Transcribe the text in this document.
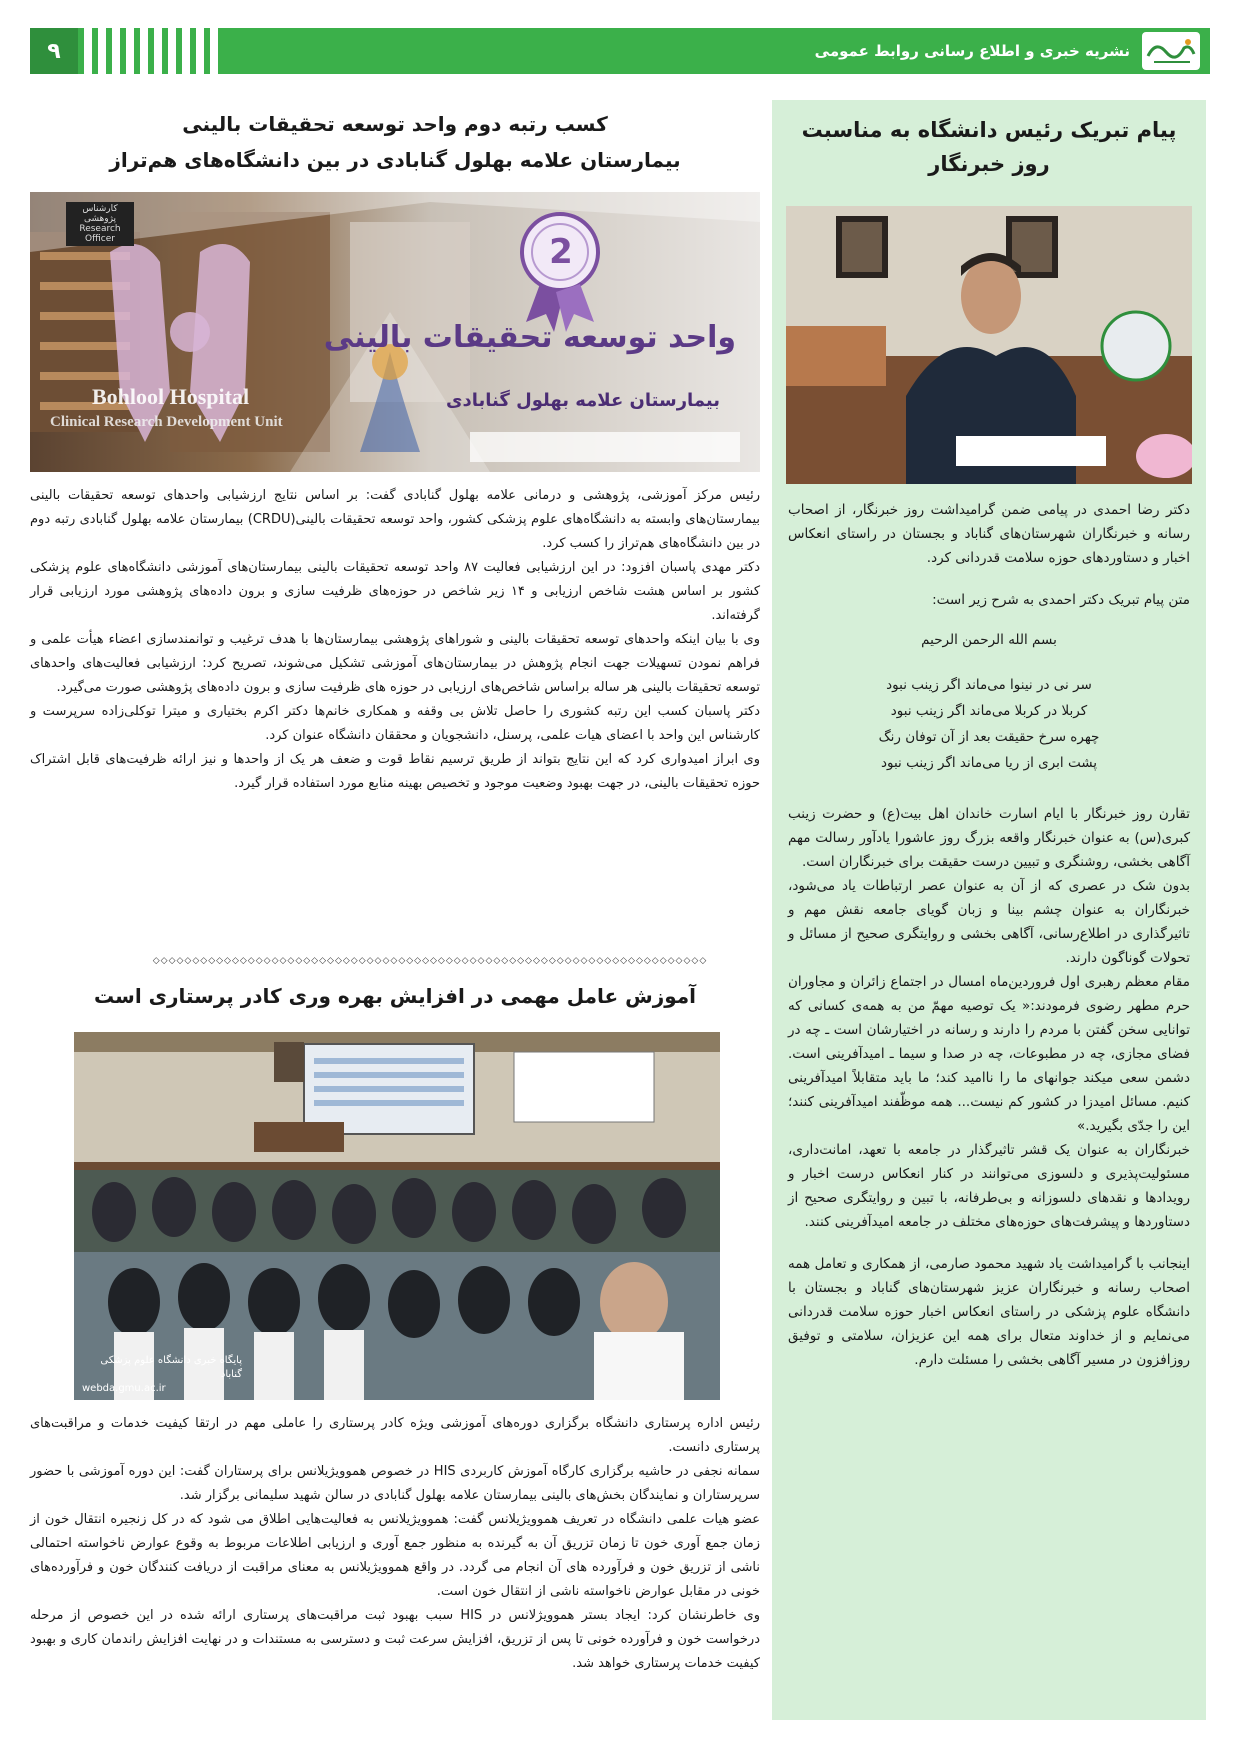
۹	نشریه خبری و اطلاع رسانی روابط عمومی
کسب رتبه دوم واحد توسعه تحقیقات بالینی
بیمارستان علامه بهلول گنابادی در بین دانشگاه‌های هم‌تراز
2
واحد توسعه تحقیقات بالینی
بیمارستان علامه بهلول گنابادی
Bohlool Hospital
Clinical Research Development Unit
کارشناس پژوهشی
Research Officer

رئیس مرکز آموزشی، پژوهشی و درمانی علامه بهلول گنابادی گفت: بر اساس نتایج ارزشیابی واحدهای توسعه تحقیقات بالینی بیمارستان‌های وابسته به دانشگاه‌های علوم پزشکی کشور، واحد توسعه تحقیقات بالینی(CRDU) بیمارستان علامه بهلول گنابادی رتبه دوم در بین دانشگاه‌های هم‌تراز را کسب کرد.

دکتر مهدی پاسبان افزود: در این ارزشیابی فعالیت ۸۷ واحد توسعه تحقیقات بالینی بیمارستان‌های آموزشی دانشگاه‌های علوم پزشکی کشور بر اساس هشت شاخص ارزیابی و ۱۴ زیر شاخص در حوزه‌های ظرفیت سازی و برون داده‌های پژوهشی مورد ارزیابی قرار گرفته‌اند.

وی با بیان اینکه واحدهای توسعه تحقیقات بالینی و شوراهای پژوهشی بیمارستان‌ها با هدف ترغیب و توانمندسازی اعضاء هیأت علمی و فراهم نمودن تسهیلات جهت انجام پژوهش در بیمارستان‌های آموزشی تشکیل می‌شوند، تصریح کرد: ارزشیابی فعالیت‌های واحدهای توسعه تحقیقات بالینی هر ساله براساس شاخص‌های ارزیابی در حوزه های ظرفیت سازی و برون داده‌های پژوهشی صورت می‌گیرد.

دکتر پاسبان کسب این رتبه کشوری را حاصل تلاش بی وقفه و همکاری خانم‌ها دکتر اکرم بختیاری و میترا توکلی‌زاده سرپرست و کارشناس این واحد با اعضای هیات علمی، پرسنل، دانشجویان و محققان دانشگاه عنوان کرد.

وی ابراز امیدواری کرد که این نتایج بتواند از طریق ترسیم نقاط قوت و ضعف هر یک از واحدها و نیز ارائه ظرفیت‌های قابل اشتراک حوزه تحقیقات بالینی، در جهت بهبود وضعیت موجود و تخصیص بهینه منابع مورد استفاده قرار گیرد.

◇◇◇◇◇◇◇◇◇◇◇◇◇◇◇◇◇◇◇◇◇◇◇◇◇◇◇◇◇◇◇◇◇◇◇◇◇◇◇◇◇◇◇◇◇◇◇◇◇◇◇◇◇◇◇◇◇◇◇◇◇◇◇◇◇◇◇◇◇◇
آموزش عامل مهمی در افزایش بهره وری کادر پرستاری است
پایگاه خبری دانشگاه علوم پزشکی گناباد
webda.gmu.ac.ir

رئیس اداره پرستاری دانشگاه برگزاری دوره‌های آموزشی ویژه کادر پرستاری را عاملی مهم در ارتقا کیفیت خدمات و مراقبت‌های پرستاری دانست.

سمانه نجفی در حاشیه برگزاری کارگاه آموزش کاربردی HIS در خصوص هموویژیلانس برای پرستاران گفت: این دوره آموزشی با حضور سرپرستاران و نمایندگان بخش‌های بالینی بیمارستان علامه بهلول گنابادی در سالن شهید سلیمانی برگزار شد.

عضو هیات علمی دانشگاه در تعریف هموویژیلانس گفت: هموویژیلانس به فعالیت‌هایی اطلاق می شود که در کل زنجیره انتقال خون از زمان جمع آوری خون تا زمان تزریق آن به گیرنده به منظور جمع آوری و ارزیابی اطلاعات مربوط به وقوع عوارض ناخواسته احتمالی ناشی از تزریق خون و فرآورده های آن انجام می گردد. در واقع هموویژیلانس به معنای مراقبت از دریافت کنندگان خون و فرآورده‌های خونی در مقابل عوارض ناخواسته ناشی از انتقال خون است.

وی خاطرنشان کرد: ایجاد بستر هموویژلانس در HIS سبب بهبود ثبت مراقبت‌های پرستاری ارائه شده در این خصوص از مرحله درخواست خون و فرآورده خونی تا پس از تزریق، افزایش سرعت ثبت و دسترسی به مستندات و در نهایت افزایش راندمان کاری و بهبود کیفیت خدمات پرستاری خواهد شد.

پیام تبریک رئیس دانشگاه به مناسبت
روز خبرنگار

دکتر رضا احمدی در پیامی ضمن گرامیداشت روز خبرنگار، از اصحاب رسانه و خبرنگاران شهرستان‌های گناباد و بجستان در راستای انعکاس اخبار و دستاوردهای حوزه سلامت قدردانی کرد.

متن پیام تبریک دکتر احمدی به شرح زیر است:

بسم الله الرحمن الرحیم

سر نی در نینوا می‌ماند اگر زینب نبود

کربلا در کربلا می‌ماند اگر زینب نبود

چهره سرخ حقیقت بعد از آن توفان رنگ

پشت ابری از ریا می‌ماند اگر زینب نبود

تقارن روز خبرنگار با ایام اسارت خاندان اهل بیت(ع) و حضرت زینب کبری(س) به عنوان خبرنگار واقعه بزرگ روز عاشورا یادآور رسالت مهم آگاهی بخشی، روشنگری و تبیین درست حقیقت برای خبرنگاران است.

بدون شک در عصری که از آن به عنوان عصر ارتباطات یاد می‌شود، خبرنگاران به عنوان چشم بینا و زبان گویای جامعه نقش مهم و تاثیرگذاری در اطلاع‌رسانی، آگاهی بخشی و روایتگری صحیح از مسائل و تحولات گوناگون دارند.

مقام معظم رهبری اول فروردین‌ماه امسال در اجتماع زائران و مجاوران حرم مطهر رضوی فرمودند:« یک توصیه مهمّ من به همه‌ی کسانی که توانایی سخن گفتن با مردم را دارند و رسانه در اختیارشان است ـ چه در فضای مجازی، چه در مطبوعات، چه در صدا و سیما ـ امیدآفرینی است. دشمن سعی میکند جوانهای ما را ناامید کند؛ ما باید متقابلاً امیدآفرینی کنیم. مسائل امیدزا در کشور کم نیست... همه موظّفند امیدآفرینی کنند؛ این را جدّی بگیرید.»

خبرنگاران به عنوان یک قشر تاثیرگذار در جامعه با تعهد، امانت‌داری، مسئولیت‌پذیری و دلسوزی می‌توانند در کنار انعکاس درست اخبار و رویدادها و نقدهای دلسوزانه و بی‌طرفانه، با تبین و روایتگری صحیح از دستاوردها و پیشرفت‌های حوزه‌های مختلف در جامعه امیدآفرینی کنند.

اینجانب با گرامیداشت یاد شهید محمود صارمی، از همکاری و تعامل همه اصحاب رسانه و خبرنگاران عزیز شهرستان‌های گناباد و بجستان با دانشگاه علوم پزشکی در راستای انعکاس اخبار حوزه سلامت قدردانی می‌نمایم و از خداوند متعال برای همه این عزیزان، سلامتی و توفیق روزافزون در مسیر آگاهی بخشی را مسئلت دارم.
